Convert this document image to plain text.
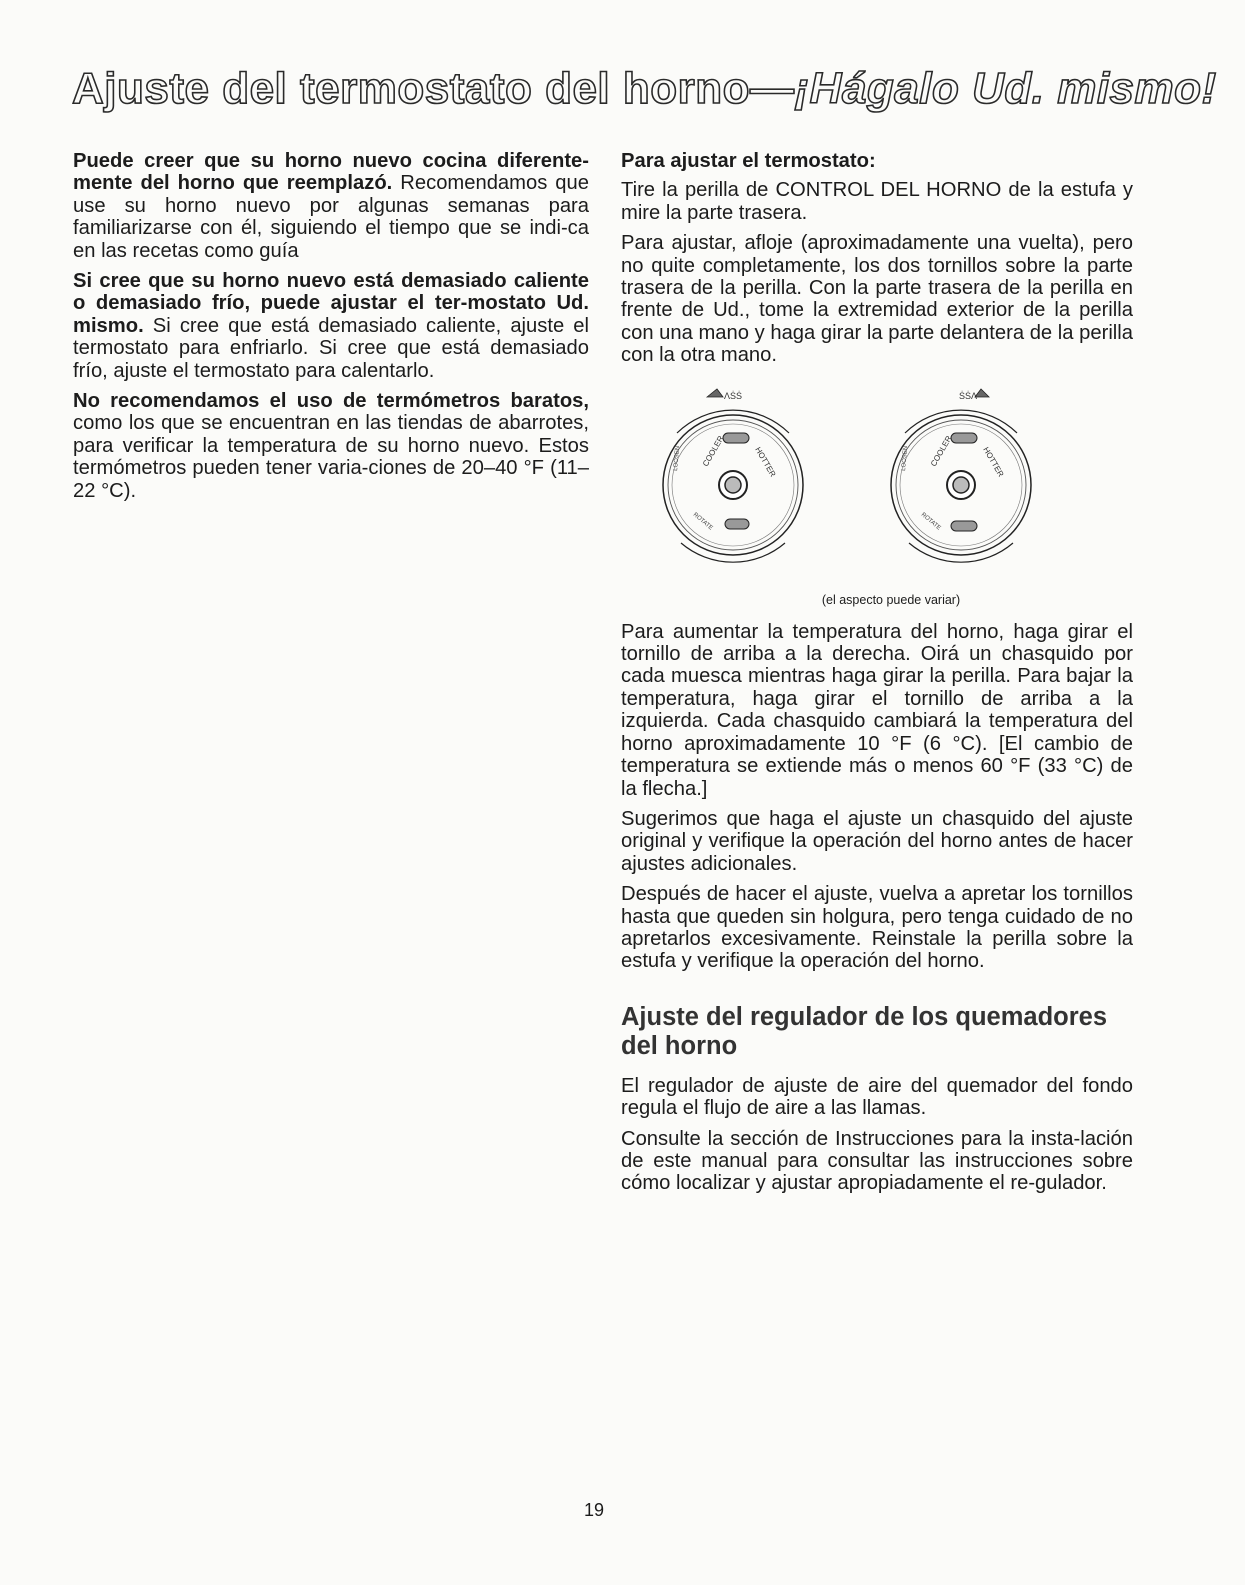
Ajuste del termostato del horno—¡Hágalo Ud. mismo!

Puede creer que su horno nuevo cocina diferente-mente del horno que reemplazó. Recomendamos que use su horno nuevo por algunas semanas para familiarizarse con él, siguiendo el tiempo que se indi-ca en las recetas como guía

Si cree que su horno nuevo está demasiado caliente o demasiado frío, puede ajustar el ter-mostato Ud. mismo. Si cree que está demasiado caliente, ajuste el termostato para enfriarlo. Si cree que está demasiado frío, ajuste el termostato para calentarlo.

No recomendamos el uso de termómetros baratos, como los que se encuentran en las tiendas de abarrotes, para verificar la temperatura de su horno nuevo. Estos termómetros pueden tener varia-ciones de 20–40 °F (11–22 °C).

Para ajustar el termostato:

Tire la perilla de CONTROL DEL HORNO de la estufa y mire la parte trasera.

Para ajustar, afloje (aproximadamente una vuelta), pero no quite completamente, los dos tornillos sobre la parte trasera de la perilla. Con la parte trasera de la perilla en frente de Ud., tome la extremidad exterior de la perilla con una mano y haga girar la parte delantera de la perilla con la otra mano.

COOLER	HOTTER
LOOSEN
ROTATE
ɅṠṠ
COOLER	HOTTER
LOOSEN
ROTATE
ṠṠɅ

(el aspecto puede variar)

Para aumentar la temperatura del horno, haga girar el tornillo de arriba a la derecha. Oirá un chasquido por cada muesca mientras haga girar la perilla. Para bajar la temperatura, haga girar el tornillo de arriba a la izquierda. Cada chasquido cambiará la temperatura del horno aproximadamente 10 °F (6 °C). [El cambio de temperatura se extiende más o menos 60 °F (33 °C) de la flecha.]

Sugerimos que haga el ajuste un chasquido del ajuste original y verifique la operación del horno antes de hacer ajustes adicionales.

Después de hacer el ajuste, vuelva a apretar los tornillos hasta que queden sin holgura, pero tenga cuidado de no apretarlos excesivamente. Reinstale la perilla sobre la estufa y verifique la operación del horno.

Ajuste del regulador de los quemadores del horno

El regulador de ajuste de aire del quemador del fondo regula el flujo de aire a las llamas.

Consulte la sección de Instrucciones para la insta-lación de este manual para consultar las instrucciones sobre cómo localizar y ajustar apropiadamente el re-gulador.

19
